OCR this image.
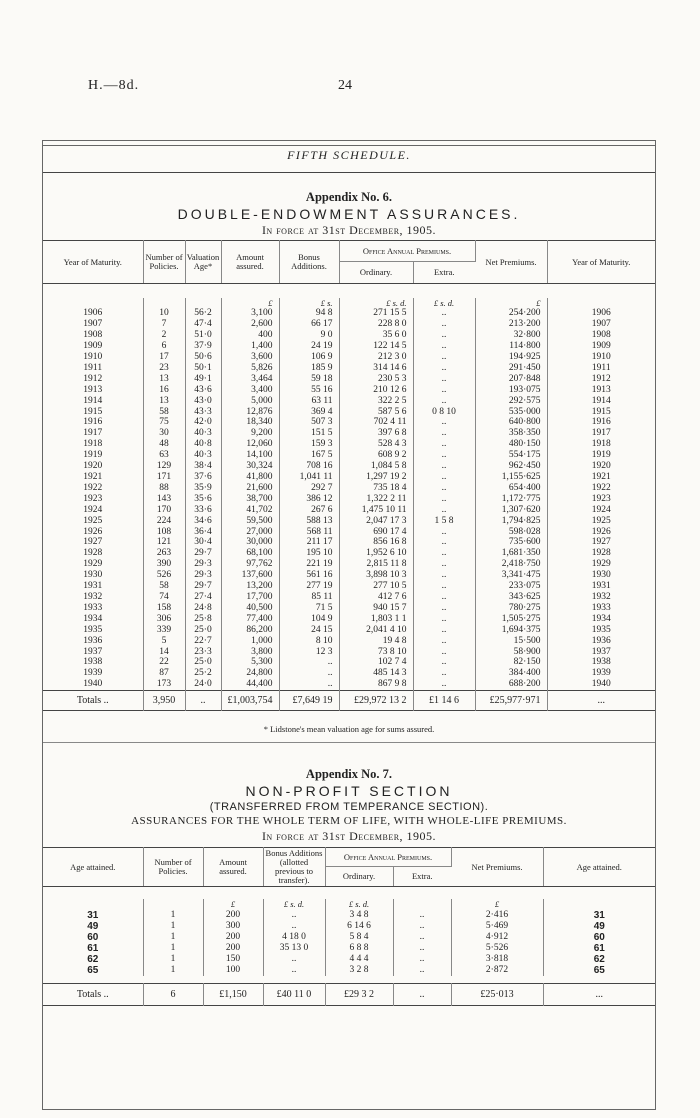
H.—8d.	24
FIFTH SCHEDULE.
Appendix No. 6.
DOUBLE-ENDOWMENT ASSURANCES.
In force at 31st December, 1905.
Year of Maturity.	Number of Policies.	Valuation Age*	Amount assured.	Bonus Additions.	Office Annual Premiums.		Net Premiums.	Year of Maturity.
					Ordinary.	Extra.		

			£	£ s.	£ s. d.	£ s. d.	£	
1906	10	56·2	3,100	94 8	271 15 5	..	254·200	1906
1907	7	47·4	2,600	66 17	228 8 0	..	213·200	1907
1908	2	51·0	400	9 0	35 6 0	..	32·800	1908
1909	6	37·9	1,400	24 19	122 14 5	..	114·800	1909
1910	17	50·6	3,600	106 9	212 3 0	..	194·925	1910
1911	23	50·1	5,826	185 9	314 14 6	..	291·450	1911
1912	13	49·1	3,464	59 18	230 5 3	..	207·848	1912
1913	16	43·6	3,400	55 16	210 12 6	..	193·075	1913
1914	13	43·0	5,000	63 11	322 2 5	..	292·575	1914
1915	58	43·3	12,876	369 4	587 5 6	0 8 10	535·000	1915
1916	75	42·0	18,340	507 3	702 4 11	..	640·800	1916
1917	30	40·3	9,200	151 5	397 6 8	..	358·350	1917
1918	48	40·8	12,060	159 3	528 4 3	..	480·150	1918
1919	63	40·3	14,100	167 5	608 9 2	..	554·175	1919
1920	129	38·4	30,324	708 16	1,084 5 8	..	962·450	1920
1921	171	37·6	41,800	1,041 11	1,297 19 2	..	1,155·625	1921
1922	88	35·9	21,600	292 7	735 18 4	..	654·400	1922
1923	143	35·6	38,700	386 12	1,322 2 11	..	1,172·775	1923
1924	170	33·6	41,702	267 6	1,475 10 11	..	1,307·620	1924
1925	224	34·6	59,500	588 13	2,047 17 3	1 5 8	1,794·825	1925
1926	108	36·4	27,000	568 11	690 17 4	..	598·028	1926
1927	121	30·4	30,000	211 17	856 16 8	..	735·600	1927
1928	263	29·7	68,100	195 10	1,952 6 10	..	1,681·350	1928
1929	390	29·3	97,762	221 19	2,815 11 8	..	2,418·750	1929
1930	526	29·3	137,600	561 16	3,898 10 3	..	3,341·475	1930
1931	58	29·7	13,200	277 19	277 10 5	..	233·075	1931
1932	74	27·4	17,700	85 11	412 7 6	..	343·625	1932
1933	158	24·8	40,500	71 5	940 15 7	..	780·275	1933
1934	306	25·8	77,400	104 9	1,803 1 1	..	1,505·275	1934
1935	339	25·0	86,200	24 15	2,041 4 10	..	1,694·375	1935
1936	5	22·7	1,000	8 10	19 4 8	..	15·500	1936
1937	14	23·3	3,800	12 3	73 8 10	..	58·900	1937
1938	22	25·0	5,300	..	102 7 4	..	82·150	1938
1939	87	25·2	24,800	..	485 14 3	..	384·400	1939
1940	173	24·0	44,400	..	867 9 8	..	688·200	1940
Totals ..	3,950	..	£1,003,754	£7,649 19	£29,972 13 2	£1 14 6	£25,977·971	...
* Lidstone's mean valuation age for sums assured.
Appendix No. 7.
NON-PROFIT SECTION
(TRANSFERRED FROM TEMPERANCE SECTION).
ASSURANCES FOR THE WHOLE TERM OF LIFE, WITH WHOLE-LIFE PREMIUMS.
In force at 31st December, 1905.
Age attained.	Number of Policies.	Amount assured.	Bonus Additions (allotted previous to transfer).	Office Annual Premiums.		Net Premiums.	Age attained.
				Ordinary.	Extra.		

		£	£ s. d.	£ s. d.		£	
31	1	200	..	3 4 8	..	2·416	31
49	1	300	..	6 14 6	..	5·469	49
60	1	200	4 18 0	5 8 4	..	4·912	60
61	1	200	35 13 0	6 8 8	..	5·526	61
62	1	150	..	4 4 4	..	3·818	62
65	1	100	..	3 2 8	..	2·872	65

Totals ..	6	£1,150	£40 11 0	£29 3 2	..	£25·013	...
